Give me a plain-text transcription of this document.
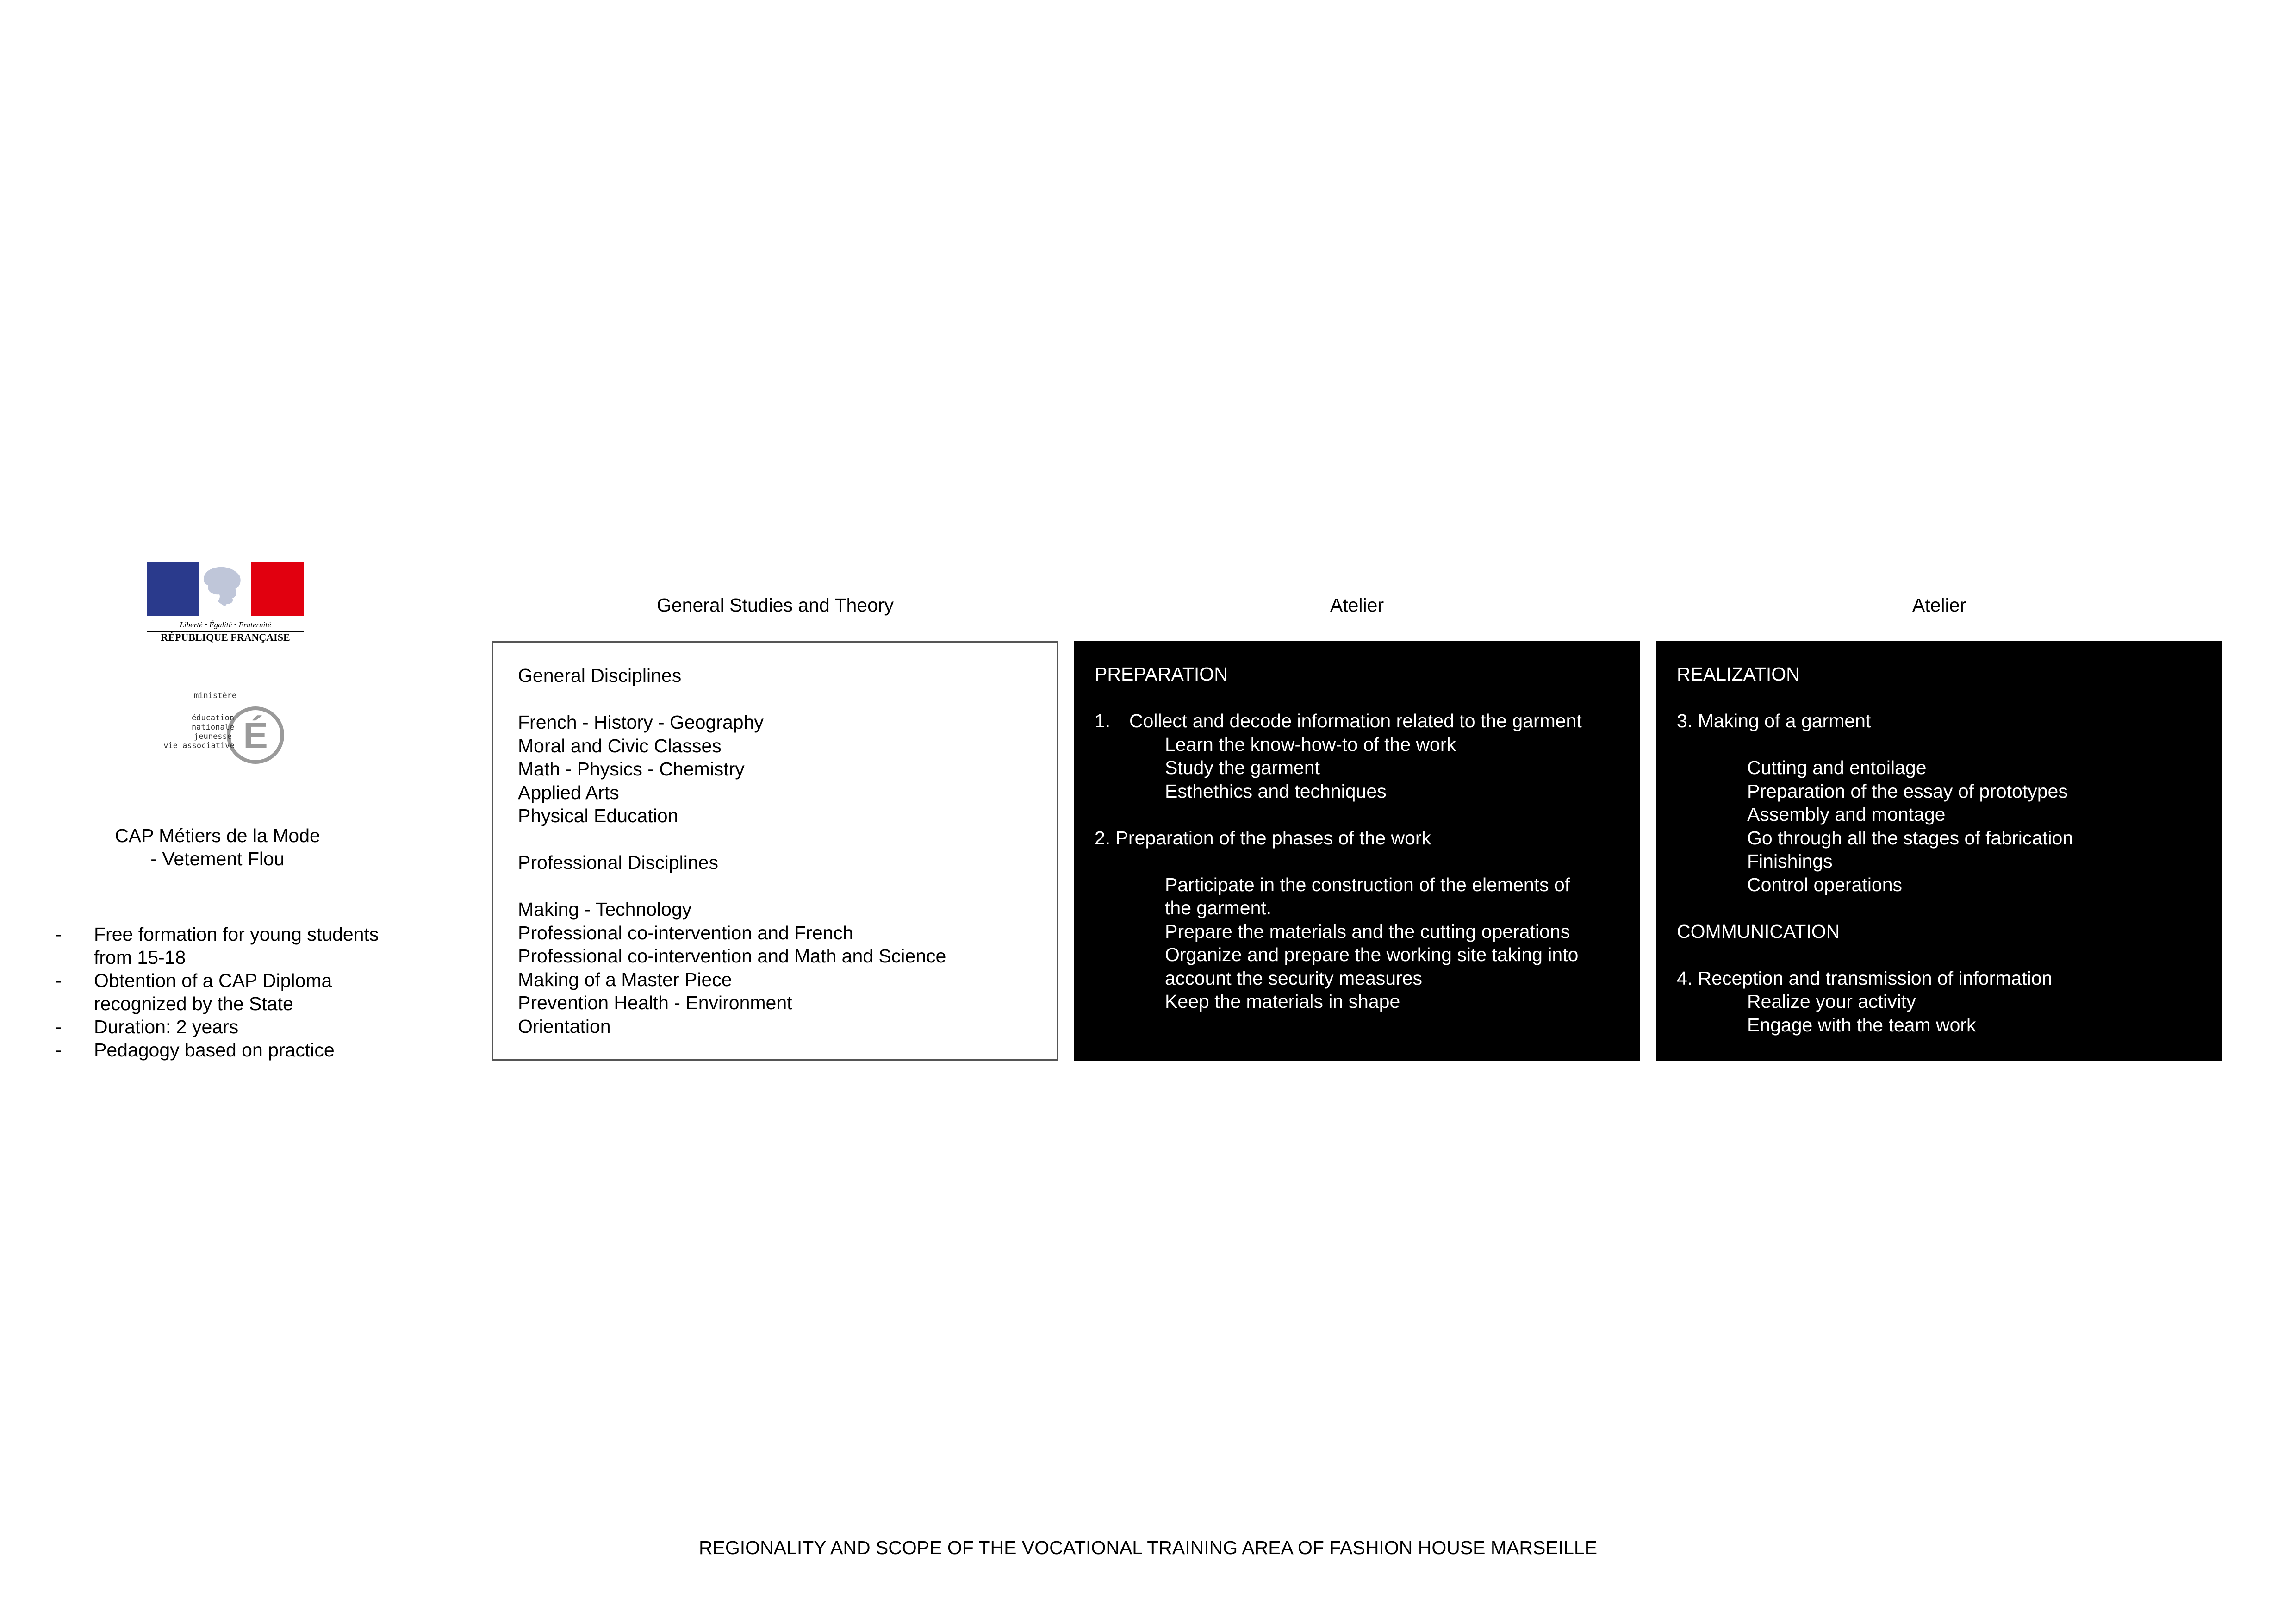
Liberté • Égalité • Fraternité
RÉPUBLIQUE FRANÇAISE
É
ministère
éducation
nationale
jeunesse
vie associative
CAP Métiers de la Mode
- Vetement Flou
- Free formation for young students from 15-18
- Obtention of a CAP Diploma recognized by the State
- Duration: 2 years
- Pedagogy based on practice
General Studies and Theory	Atelier	Atelier
General Disciplines
French - History - Geography
Moral and Civic Classes
Math - Physics - Chemistry
Applied Arts
Physical Education
Professional Disciplines
Making - Technology
Professional co-intervention and French
Professional co-intervention and Math and Science
Making of a Master Piece
Prevention Health - Environment
Orientation
PREPARATION
1. Collect and decode information related to the garment
Learn the know-how-to of the work
Study the garment
Esthethics and techniques
2. Preparation of the phases of the work
Participate in the construction of the elements of the garment.
Prepare the materials and the cutting operations
Organize and prepare the working site taking into account the security measures
Keep the materials in shape
REALIZATION
3. Making of a garment
Cutting and entoilage
Preparation of the essay of prototypes
Assembly and montage
Go through all the stages of fabrication
Finishings
Control operations
COMMUNICATION
4. Reception and transmission of information
Realize your activity
Engage with the team work
REGIONALITY AND SCOPE OF THE VOCATIONAL TRAINING AREA OF FASHION HOUSE MARSEILLE
